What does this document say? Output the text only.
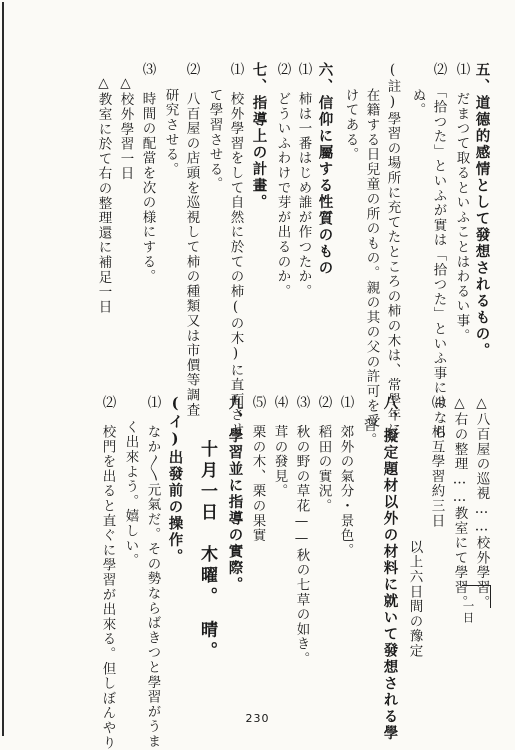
五、道德的感情として發想されるもの。
⑴　だまつて取るといふことはわるい事。
⑵　「拾つた」といふが實は「拾つた」といふ事にはなら
ぬ。
(註)學習の場所に充てたところの柿の木は、常學年に
在籍する日兒童の所のもの。親の其の父の許可を受
けてある。
六、信仰に屬する性質のもの
⑴　柿は一番はじめ誰が作つたか。
⑵　どういふわけで芽が出るのか。
七、指導上の計畫。
⑴　校外學習をして自然に於ての柿(の木)に直面させ
て學習させる。
⑵　八百屋の店頭を巡視して柿の種類又は市價等調査
研究させる。
⑶　時間の配當を次の様にする。
△校外學習一日
△教室に於て右の整理還に補足一日
△八百屋の巡視……校外學習。
△右の整理……教室にて學習。
⑷　相互學習約三日
以上六日間の豫定
八、擬定題材以外の材料に就いて發想される學
習。
⑴　郊外の氣分・景色。
⑵　稻田の實況。
⑶　秋の野の草花——秋の七草の如き。
⑷　茸の發見。
⑸　栗の木、栗の果實
九、學習並に指導の實際。
十月一日　木曜。　晴。
(イ)出發前の操作。
⑴　なか〳〵元氣だ。その勢ならばきつと學習がうま
く出來よう。嬉しい。
⑵　校門を出ると直ぐに學習が出來る。但しぼんやり	一日
230
